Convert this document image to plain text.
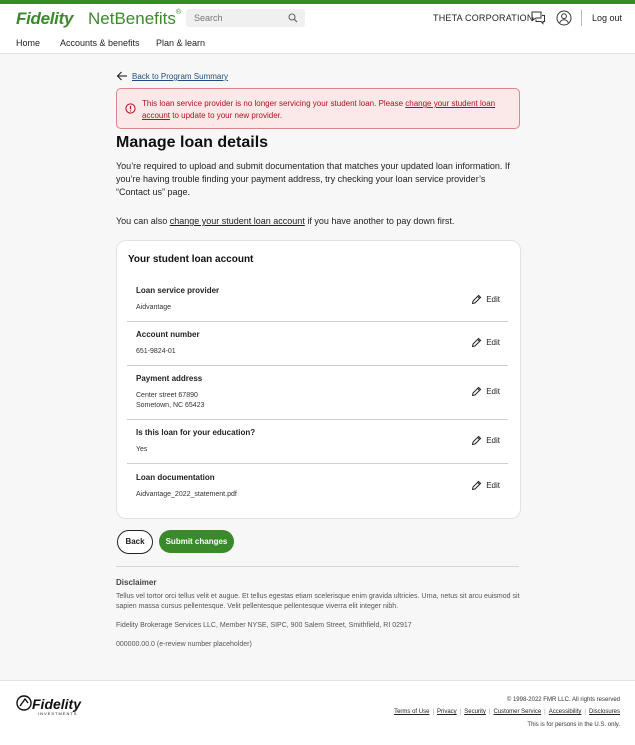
Fidelity NetBenefits®
Search	THETA CORPORATION	Log out
Home Accounts & benefits Plan & learn
Back to Program Summary
This loan service provider is no longer servicing your student loan. Please change your student loan account to update to your new provider.
Manage loan details

You’re required to upload and submit documentation that matches your updated loan information. If you’re having trouble finding your payment address, try checking your loan service provider’s “Contact us” page.

You can also change your student loan account if you have another to pay down first.
Your student loan account
Loan service provider
Aidvantage
Edit
Account number
651-9824-01
Edit
Payment address
Center street 67890
Sometown, NC 65423
Edit
Is this loan for your education?
Yes
Edit
Loan documentation
Aidvantage_2022_statement.pdf
Edit
Back	Submit changes
Disclaimer

Tellus vel tortor orci tellus velit et augue. Et tellus egestas etiam scelerisque enim gravida ultricies. Urna, netus sit arcu euismod sit sapien massa cursus pellentesque. Velit pellentesque pellentesque viverra elit integer nibh.

Fidelity Brokerage Services LLC, Member NYSE, SIPC, 900 Salem Street, Smithfield, RI 02917
000000.00.0 (e-review number placeholder)
Fidelity
INVESTMENTS
© 1998-2022 FMR LLC. All rights reserved
Terms of Use | Privacy | Security | Customer Service | Accessibility | Disclosures
This is for persons in the U.S. only.
